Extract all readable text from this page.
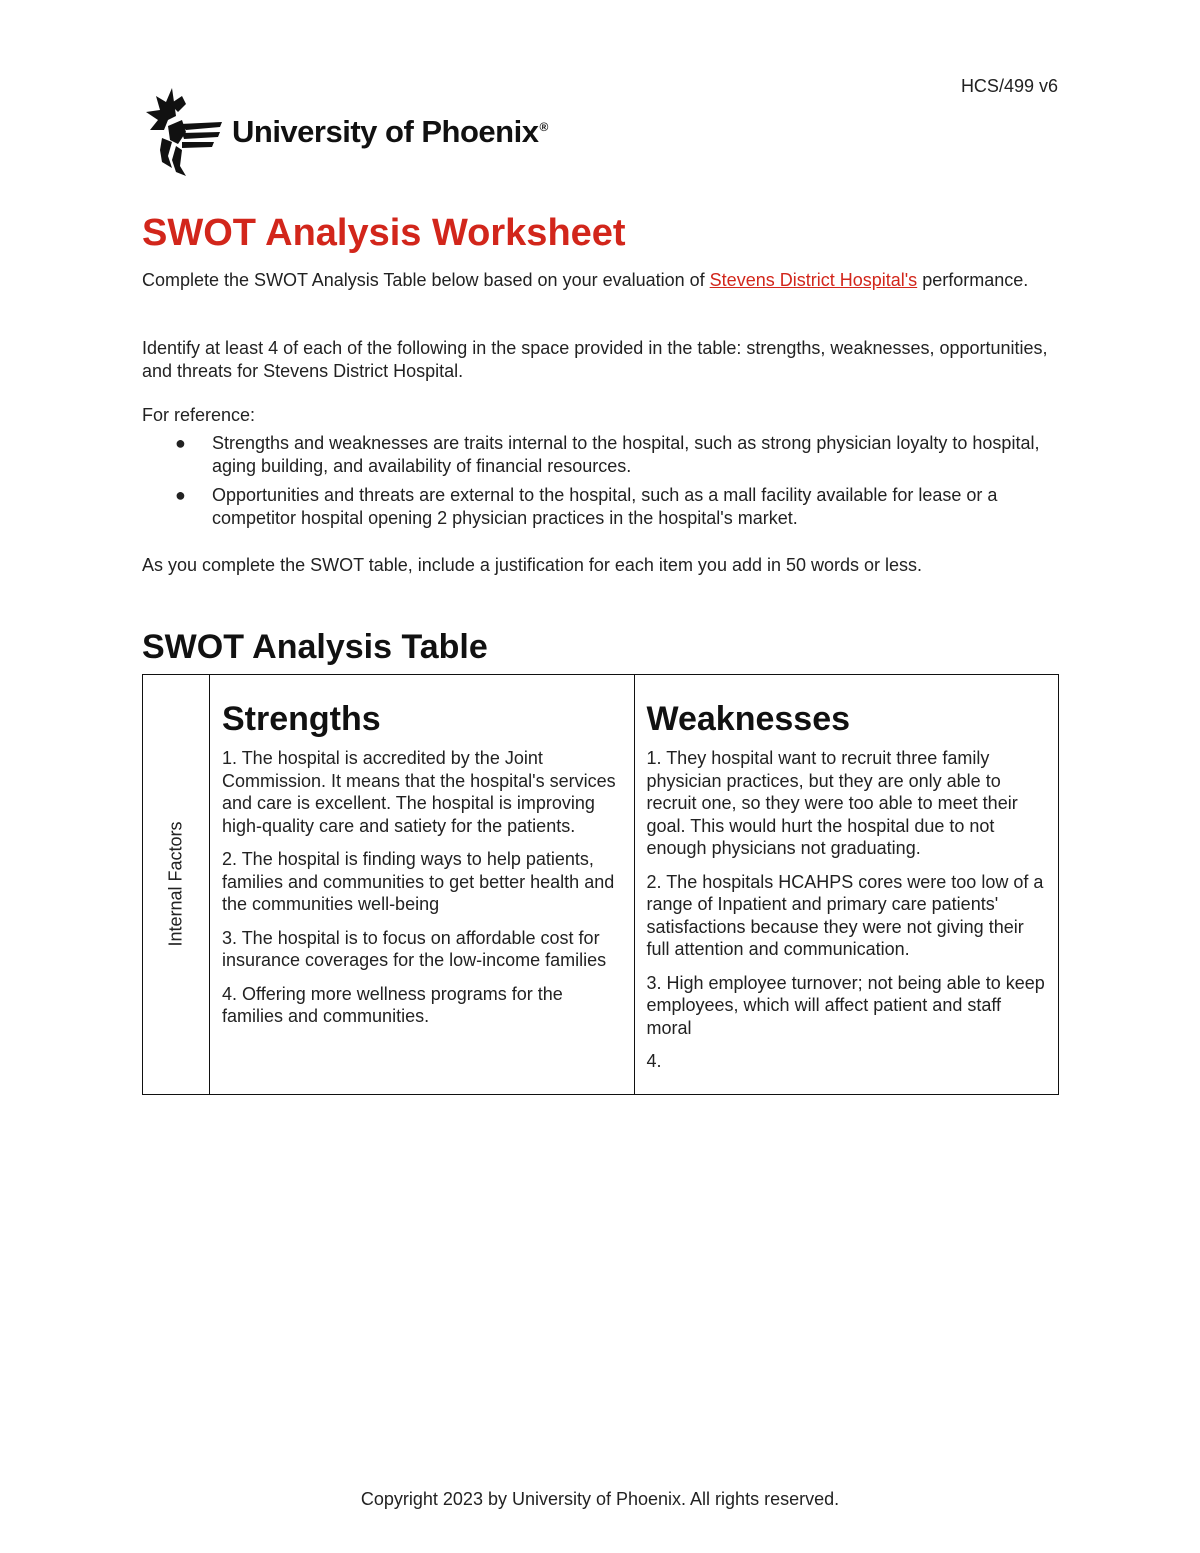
HCS/499 v6
University of Phoenix®
SWOT Analysis Worksheet

Complete the SWOT Analysis Table below based on your evaluation of Stevens District Hospital's performance.

Identify at least 4 of each of the following in the space provided in the table: strengths, weaknesses, opportunities, and threats for Stevens District Hospital.

For reference:

● Strengths and weaknesses are traits internal to the hospital, such as strong physician loyalty to hospital, aging building, and availability of financial resources.
● Opportunities and threats are external to the hospital, such as a mall facility available for lease or a competitor hospital opening 2 physician practices in the hospital's market.

As you complete the SWOT table, include a justification for each item you add in 50 words or less.

SWOT Analysis Table
Internal Factors

Strengths

1. The hospital is accredited by the Joint Commission. It means that the hospital's services and care is excellent. The hospital is improving high-quality care and satiety for the patients.

2. The hospital is finding ways to help patients, families and communities to get better health and the communities well-being

3. The hospital is to focus on affordable cost for insurance coverages for the low-income families

4. Offering more wellness programs for the families and communities.

Weaknesses

1. They hospital want to recruit three family physician practices, but they are only able to recruit one, so they were too able to meet their goal. This would hurt the hospital due to not enough physicians not graduating.

2. The hospitals HCAHPS cores were too low of a range of Inpatient and primary care patients' satisfactions because they were not giving their full attention and communication.

3. High employee turnover; not being able to keep employees, which will affect patient and staff moral

4.

Copyright 2023 by University of Phoenix. All rights reserved.
